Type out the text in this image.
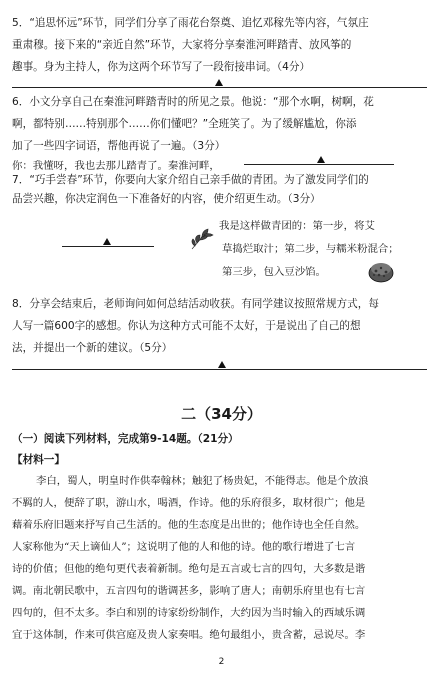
5．“追思怀远”环节，同学们分享了雨花台祭奠、追忆邓稼先等内容，气氛庄
重肃穆。接下来的“亲近自然”环节，大家将分享秦淮河畔踏青、放风筝的
趣事。身为主持人，你为这两个环节写了一段衔接串词。（4分）
6．小文分享自己在秦淮河畔踏青时的所见之景。他说：“那个水啊，树啊，花
啊，都特别……特别那个……你们懂吧？”全班笑了。为了缓解尴尬，你添
加了一些四字词语，帮他再说了一遍。（3分）
你：我懂呀，我也去那儿踏青了。秦淮河畔，
7．“巧手尝春”环节，你要向大家介绍自己亲手做的青团。为了激发同学们的
品尝兴趣，你决定润色一下准备好的内容，使介绍更生动。（3分）
我是这样做青团的：第一步，将艾
草捣烂取汁；第二步，与糯米粉混合；
第三步，包入豆沙馅。
8．分享会结束后，老师询问如何总结活动收获。有同学建议按照常规方式，每
人写一篇600字的感想。你认为这种方式可能不太好，于是说出了自己的想
法，并提出一个新的建议。（5分）
二（34分）
（一）阅读下列材料，完成第9-14题。（21分）
【材料一】
李白，蜀人，明皇时作供奉翰林；触犯了杨贵妃，不能得志。他是个放浪
不羁的人，便辞了职，游山水，喝酒，作诗。他的乐府很多，取材很广；他是
藉着乐府旧题来抒写自己生活的。他的生态度是出世的；他作诗也全任自然。
人家称他为“天上谪仙人”；这说明了他的人和他的诗。他的歌行增进了七言
诗的价值；但他的绝句更代表着新制。绝句是五言或七言的四句，大多数是谐
调。南北朝民歌中，五言四句的谐调甚多，影响了唐人；南朝乐府里也有七言
四句的，但不太多。李白和别的诗家纷纷制作，大约因为当时输入的西域乐调
宜于这体制，作来可供宫庭及贵人家奏唱。绝句最组小，贵含蓄，忌说尽。李
2
